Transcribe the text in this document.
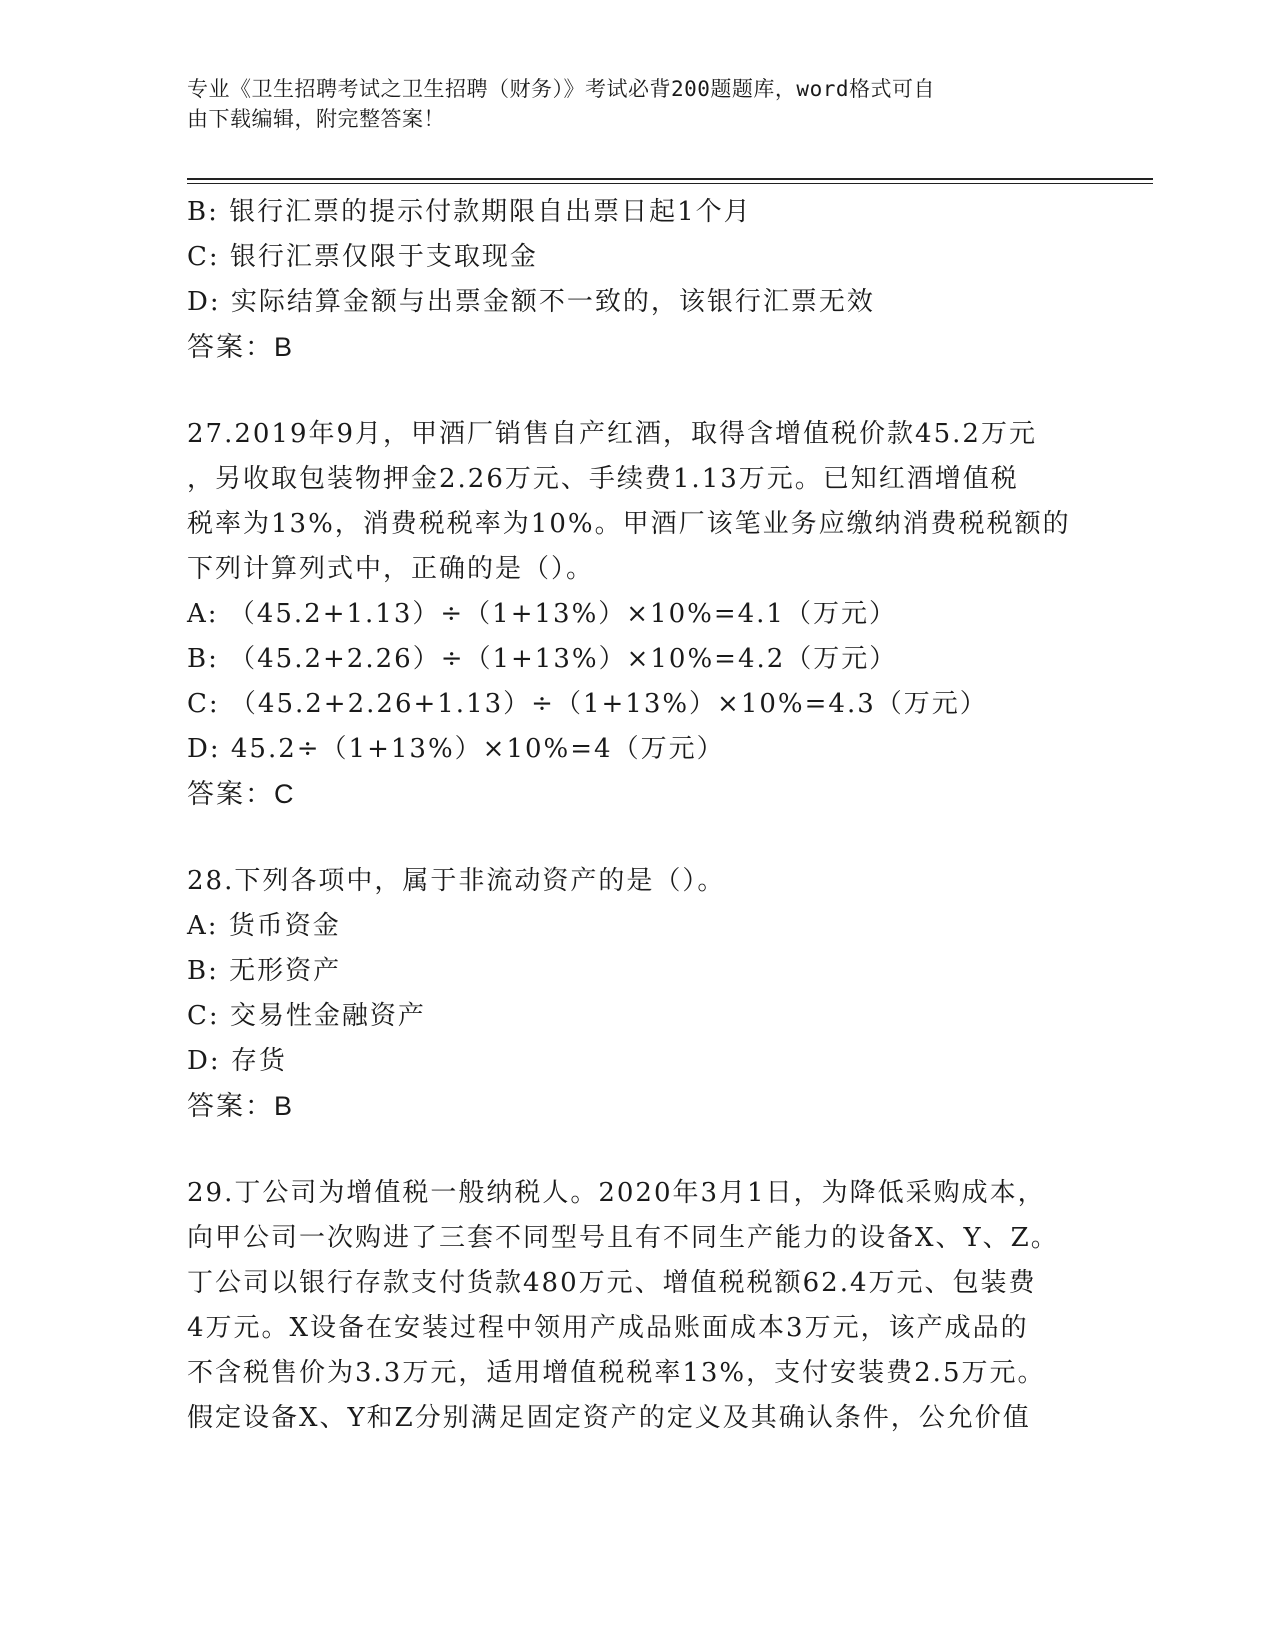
专业《卫生招聘考试之卫生招聘（财务）》考试必背200题题库，word格式可自
由下载编辑，附完整答案！
B: 银行汇票的提示付款期限自出票日起1个月
C: 银行汇票仅限于支取现金
D: 实际结算金额与出票金额不一致的，该银行汇票无效
答案：B
27.2019年9月，甲酒厂销售自产红酒，取得含增值税价款45.2万元
，另收取包装物押金2.26万元、手续费1.13万元。已知红酒增值税
税率为13%，消费税税率为10%。甲酒厂该笔业务应缴纳消费税税额的
下列计算列式中，正确的是（）。
A: （45.2+1.13）÷（1+13%）×10%=4.1（万元）
B: （45.2+2.26）÷（1+13%）×10%=4.2（万元）
C: （45.2+2.26+1.13）÷（1+13%）×10%=4.3（万元）
D: 45.2÷（1+13%）×10%=4（万元）
答案：C
28.下列各项中，属于非流动资产的是（）。
A: 货币资金
B: 无形资产
C: 交易性金融资产
D: 存货
答案：B
29.丁公司为增值税一般纳税人。2020年3月1日，为降低采购成本，
向甲公司一次购进了三套不同型号且有不同生产能力的设备X、Y、Z。
丁公司以银行存款支付货款480万元、增值税税额62.4万元、包装费
4万元。X设备在安装过程中领用产成品账面成本3万元，该产成品的
不含税售价为3.3万元，适用增值税税率13%，支付安装费2.5万元。
假定设备X、Y和Z分别满足固定资产的定义及其确认条件，公允价值
